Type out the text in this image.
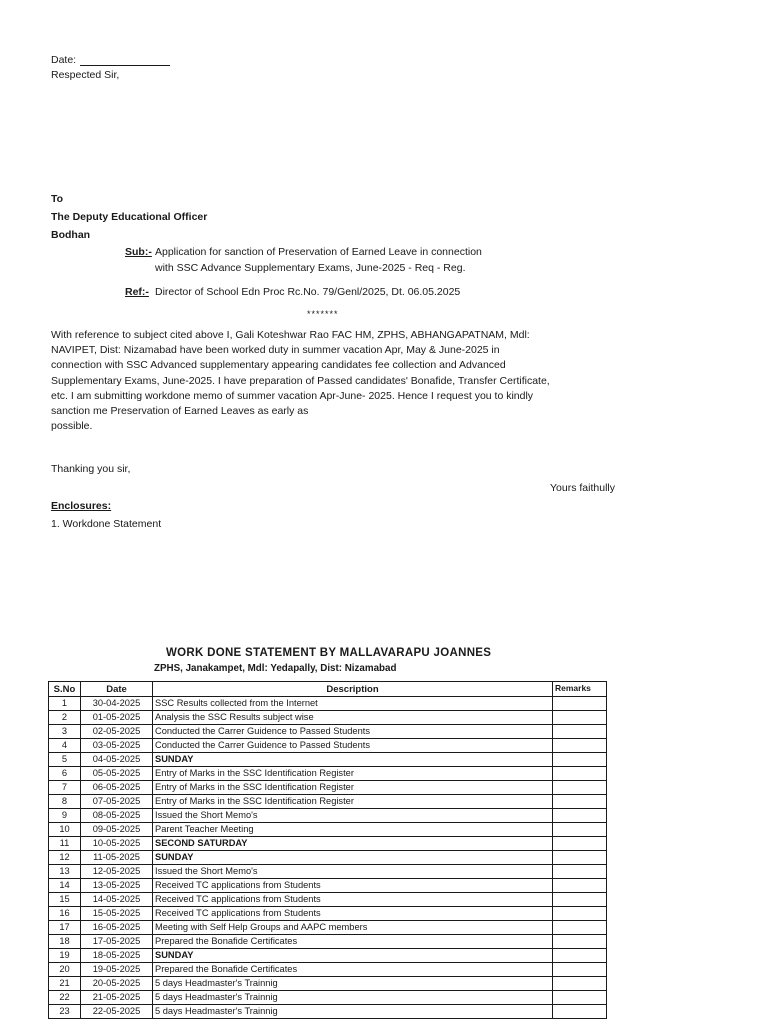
Date:
Respected Sir,
To
The Deputy Educational Officer
Bodhan
Sub:- Application for sanction of Preservation of Earned Leave in connection
with SSC Advance Supplementary Exams, June-2025 - Req - Reg.
Ref:- Director of School Edn Proc Rc.No. 79/Genl/2025, Dt. 06.05.2025
*******
With reference to subject cited above I, Gali Koteshwar Rao FAC HM, ZPHS, ABHANGAPATNAM, Mdl:
NAVIPET, Dist: Nizamabad have been worked duty in summer vacation Apr, May & June-2025 in
connection with SSC Advanced supplementary appearing candidates fee collection and Advanced
Supplementary Exams, June-2025. I have preparation of Passed candidates' Bonafide, Transfer Certificate,
etc. I am submitting workdone memo of summer vacation Apr-June- 2025. Hence I request you to kindly
sanction me Preservation of Earned Leaves as early as
possible.
Thanking you sir,
Yours faithully
Enclosures:
1. Workdone Statement
WORK DONE STATEMENT BY MALLAVARAPU JOANNES
ZPHS, Janakampet, Mdl: Yedapally, Dist: Nizamabad
S.No	Date	Description	Remarks
1	30-04-2025	SSC Results collected from the Internet	
2	01-05-2025	Analysis the SSC Results subject wise	
3	02-05-2025	Conducted the Carrer Guidence to Passed Students	
4	03-05-2025	Conducted the Carrer Guidence to Passed Students	
5	04-05-2025	SUNDAY	
6	05-05-2025	Entry of Marks in the SSC Identification Register	
7	06-05-2025	Entry of Marks in the SSC Identification Register	
8	07-05-2025	Entry of Marks in the SSC Identification Register	
9	08-05-2025	Issued the Short Memo's	
10	09-05-2025	Parent Teacher Meeting	
11	10-05-2025	SECOND SATURDAY	
12	11-05-2025	SUNDAY	
13	12-05-2025	Issued the Short Memo's	
14	13-05-2025	Received TC applications from Students	
15	14-05-2025	Received TC applications from Students	
16	15-05-2025	Received TC applications from Students	
17	16-05-2025	Meeting with Self Help Groups and AAPC members	
18	17-05-2025	Prepared the Bonafide Certificates	
19	18-05-2025	SUNDAY	
20	19-05-2025	Prepared the Bonafide Certificates	
21	20-05-2025	5 days Headmaster's Trainnig	
22	21-05-2025	5 days Headmaster's Trainnig	
23	22-05-2025	5 days Headmaster's Trainnig	
